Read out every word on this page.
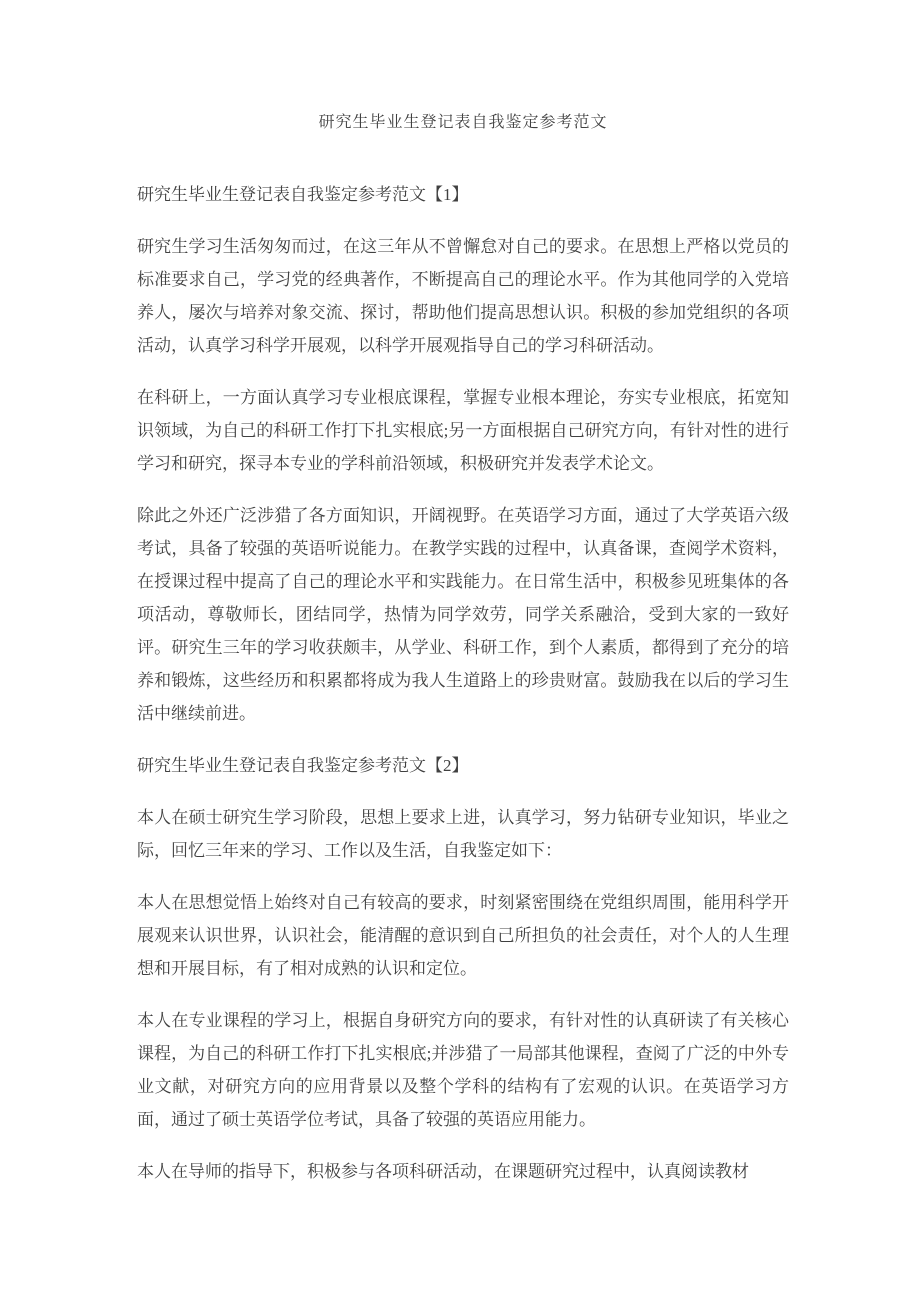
研究生毕业生登记表自我鉴定参考范文

研究生毕业生登记表自我鉴定参考范文【1】

研究生学习生活匆匆而过，在这三年从不曾懈怠对自己的要求。在思想上严格以党员的标准要求自己，学习党的经典著作，不断提高自己的理论水平。作为其他同学的入党培养人，屡次与培养对象交流、探讨，帮助他们提高思想认识。积极的参加党组织的各项活动，认真学习科学开展观，以科学开展观指导自己的学习科研活动。

在科研上，一方面认真学习专业根底课程，掌握专业根本理论，夯实专业根底，拓宽知识领域，为自己的科研工作打下扎实根底;另一方面根据自己研究方向，有针对性的进行学习和研究，探寻本专业的学科前沿领域，积极研究并发表学术论文。

除此之外还广泛涉猎了各方面知识，开阔视野。在英语学习方面，通过了大学英语六级考试，具备了较强的英语听说能力。在教学实践的过程中，认真备课，查阅学术资料，在授课过程中提高了自己的理论水平和实践能力。在日常生活中，积极参见班集体的各项活动，尊敬师长，团结同学，热情为同学效劳，同学关系融洽，受到大家的一致好评。研究生三年的学习收获颇丰，从学业、科研工作，到个人素质，都得到了充分的培养和锻炼，这些经历和积累都将成为我人生道路上的珍贵财富。鼓励我在以后的学习生活中继续前进。

研究生毕业生登记表自我鉴定参考范文【2】

本人在硕士研究生学习阶段，思想上要求上进，认真学习，努力钻研专业知识，毕业之际，回忆三年来的学习、工作以及生活，自我鉴定如下：

本人在思想觉悟上始终对自己有较高的要求，时刻紧密围绕在党组织周围，能用科学开展观来认识世界，认识社会，能清醒的意识到自己所担负的社会责任，对个人的人生理想和开展目标，有了相对成熟的认识和定位。

本人在专业课程的学习上，根据自身研究方向的要求，有针对性的认真研读了有关核心课程，为自己的科研工作打下扎实根底;并涉猎了一局部其他课程，查阅了广泛的中外专业文献，对研究方向的应用背景以及整个学科的结构有了宏观的认识。在英语学习方面，通过了硕士英语学位考试，具备了较强的英语应用能力。

本人在导师的指导下，积极参与各项科研活动，在课题研究过程中，认真阅读教材
